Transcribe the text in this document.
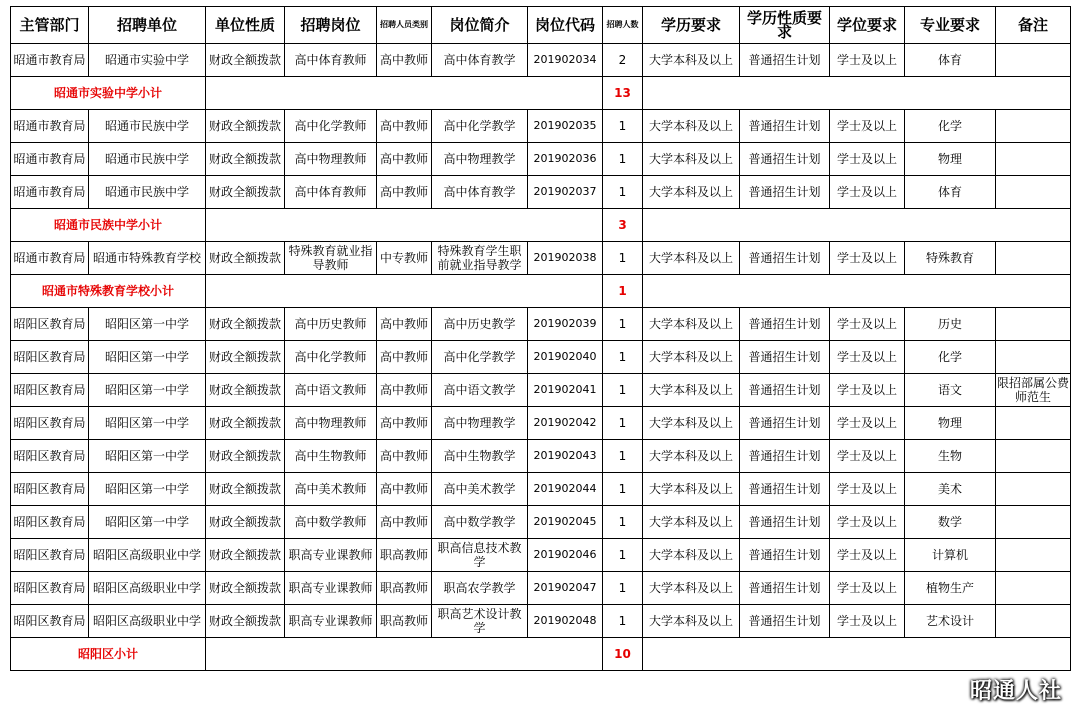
主管部门	招聘单位	单位性质	招聘岗位	招聘人员类别	岗位简介	岗位代码	招聘人数	学历要求	学历性质要求	学位要求	专业要求	备注
昭通市教育局	昭通市实验中学	财政全额拨款	高中体育教师	高中教师	高中体育教学	201902034	2	大学本科及以上	普通招生计划	学士及以上	体育	
昭通市实验中学小计							13					
昭通市教育局	昭通市民族中学	财政全额拨款	高中化学教师	高中教师	高中化学教学	201902035	1	大学本科及以上	普通招生计划	学士及以上	化学	
昭通市教育局	昭通市民族中学	财政全额拨款	高中物理教师	高中教师	高中物理教学	201902036	1	大学本科及以上	普通招生计划	学士及以上	物理	
昭通市教育局	昭通市民族中学	财政全额拨款	高中体育教师	高中教师	高中体育教学	201902037	1	大学本科及以上	普通招生计划	学士及以上	体育	
昭通市民族中学小计							3					
昭通市教育局	昭通市特殊教育学校	财政全额拨款	特殊教育就业指导教师	中专教师	特殊教育学生职前就业指导教学	201902038	1	大学本科及以上	普通招生计划	学士及以上	特殊教育	
昭通市特殊教育学校小计							1					
昭阳区教育局	昭阳区第一中学	财政全额拨款	高中历史教师	高中教师	高中历史教学	201902039	1	大学本科及以上	普通招生计划	学士及以上	历史	
昭阳区教育局	昭阳区第一中学	财政全额拨款	高中化学教师	高中教师	高中化学教学	201902040	1	大学本科及以上	普通招生计划	学士及以上	化学	
昭阳区教育局	昭阳区第一中学	财政全额拨款	高中语文教师	高中教师	高中语文教学	201902041	1	大学本科及以上	普通招生计划	学士及以上	语文	限招部属公费师范生
昭阳区教育局	昭阳区第一中学	财政全额拨款	高中物理教师	高中教师	高中物理教学	201902042	1	大学本科及以上	普通招生计划	学士及以上	物理	
昭阳区教育局	昭阳区第一中学	财政全额拨款	高中生物教师	高中教师	高中生物教学	201902043	1	大学本科及以上	普通招生计划	学士及以上	生物	
昭阳区教育局	昭阳区第一中学	财政全额拨款	高中美术教师	高中教师	高中美术教学	201902044	1	大学本科及以上	普通招生计划	学士及以上	美术	
昭阳区教育局	昭阳区第一中学	财政全额拨款	高中数学教师	高中教师	高中数学教学	201902045	1	大学本科及以上	普通招生计划	学士及以上	数学	
昭阳区教育局	昭阳区高级职业中学	财政全额拨款	职高专业课教师	职高教师	职高信息技术教学	201902046	1	大学本科及以上	普通招生计划	学士及以上	计算机	
昭阳区教育局	昭阳区高级职业中学	财政全额拨款	职高专业课教师	职高教师	职高农学教学	201902047	1	大学本科及以上	普通招生计划	学士及以上	植物生产	
昭阳区教育局	昭阳区高级职业中学	财政全额拨款	职高专业课教师	职高教师	职高艺术设计教学	201902048	1	大学本科及以上	普通招生计划	学士及以上	艺术设计	
昭阳区小计							10					
昭通人社
